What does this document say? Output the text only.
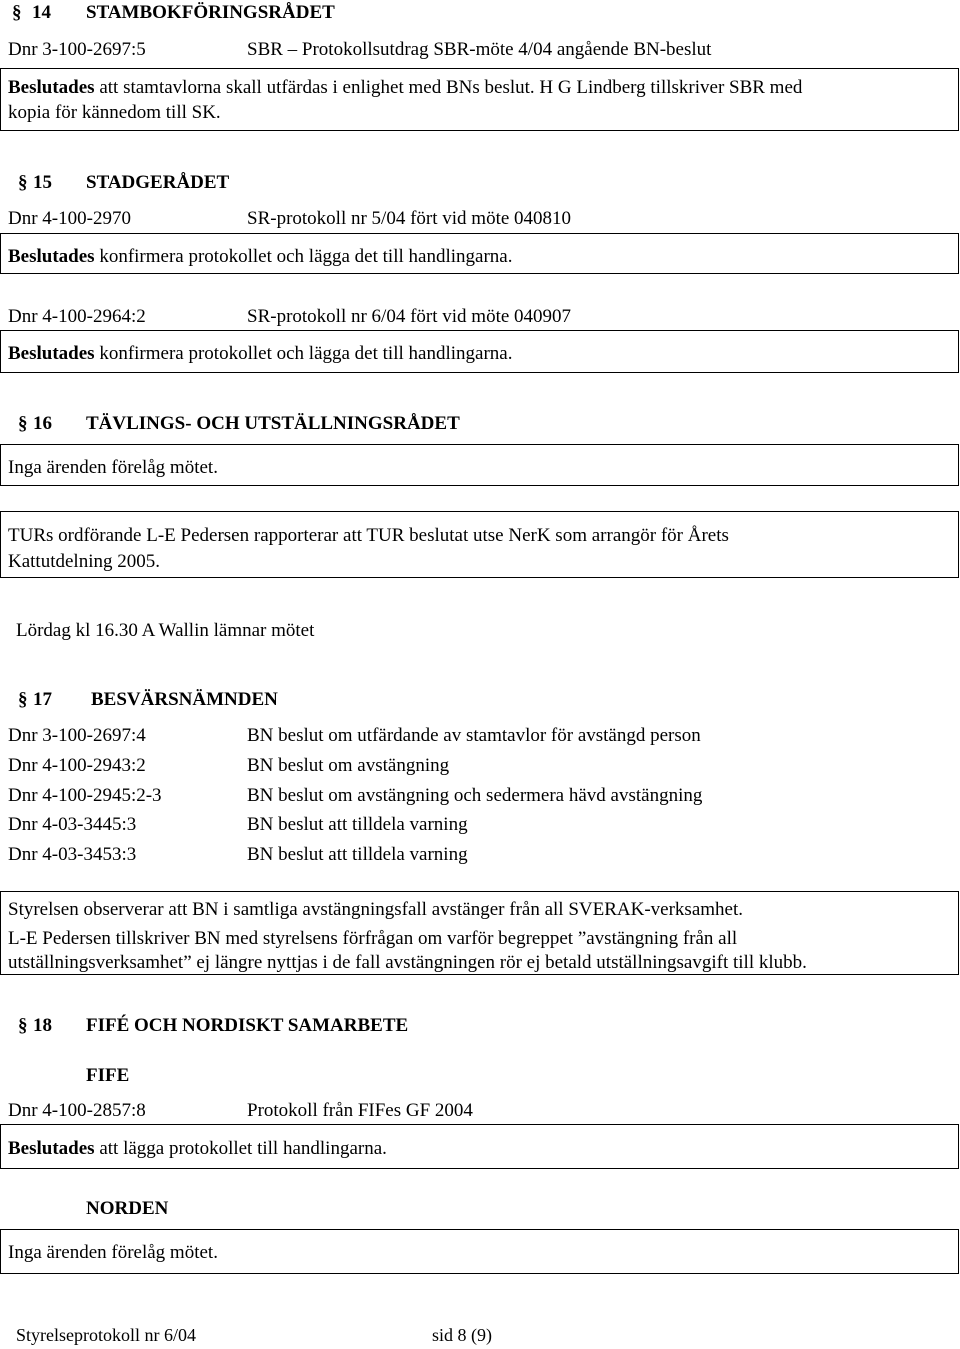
§ 14 STAMBOKFÖRINGSRÅDET
Dnr 3-100-2697:5	SBR – Protokollsutdrag SBR-möte 4/04 angående BN-beslut
Beslutades att stamtavlorna skall utfärdas i enlighet med BNs beslut. H G Lindberg tillskriver SBR med
kopia för kännedom till SK.
§ 15 STADGERÅDET
Dnr 4-100-2970	SR-protokoll nr 5/04 fört vid möte 040810
Beslutades konfirmera protokollet och lägga det till handlingarna.
Dnr 4-100-2964:2	SR-protokoll nr 6/04 fört vid möte 040907
Beslutades konfirmera protokollet och lägga det till handlingarna.
§ 16 TÄVLINGS- OCH UTSTÄLLNINGSRÅDET
Inga ärenden förelåg mötet.
TURs ordförande L-E Pedersen rapporterar att TUR beslutat utse NerK som arrangör för Årets
Kattutdelning 2005.
Lördag kl 16.30 A Wallin lämnar mötet
§ 17 BESVÄRSNÄMNDEN
Dnr 3-100-2697:4	BN beslut om utfärdande av stamtavlor för avstängd person
Dnr 4-100-2943:2	BN beslut om avstängning
Dnr 4-100-2945:2-3	BN beslut om avstängning och sedermera hävd avstängning
Dnr 4-03-3445:3	BN beslut att tilldela varning
Dnr 4-03-3453:3	BN beslut att tilldela varning
Styrelsen observerar att BN i samtliga avstängningsfall avstänger från all SVERAK-verksamhet.
L-E Pedersen tillskriver BN med styrelsens förfrågan om varför begreppet ”avstängning från all
utställningsverksamhet” ej längre nyttjas i de fall avstängningen rör ej betald utställningsavgift till klubb.
§ 18 FIFÉ OCH NORDISKT SAMARBETE
FIFE
Dnr 4-100-2857:8	Protokoll från FIFes GF 2004
Beslutades att lägga protokollet till handlingarna.
NORDEN
Inga ärenden förelåg mötet.
Styrelseprotokoll nr 6/04	sid 8 (9)
